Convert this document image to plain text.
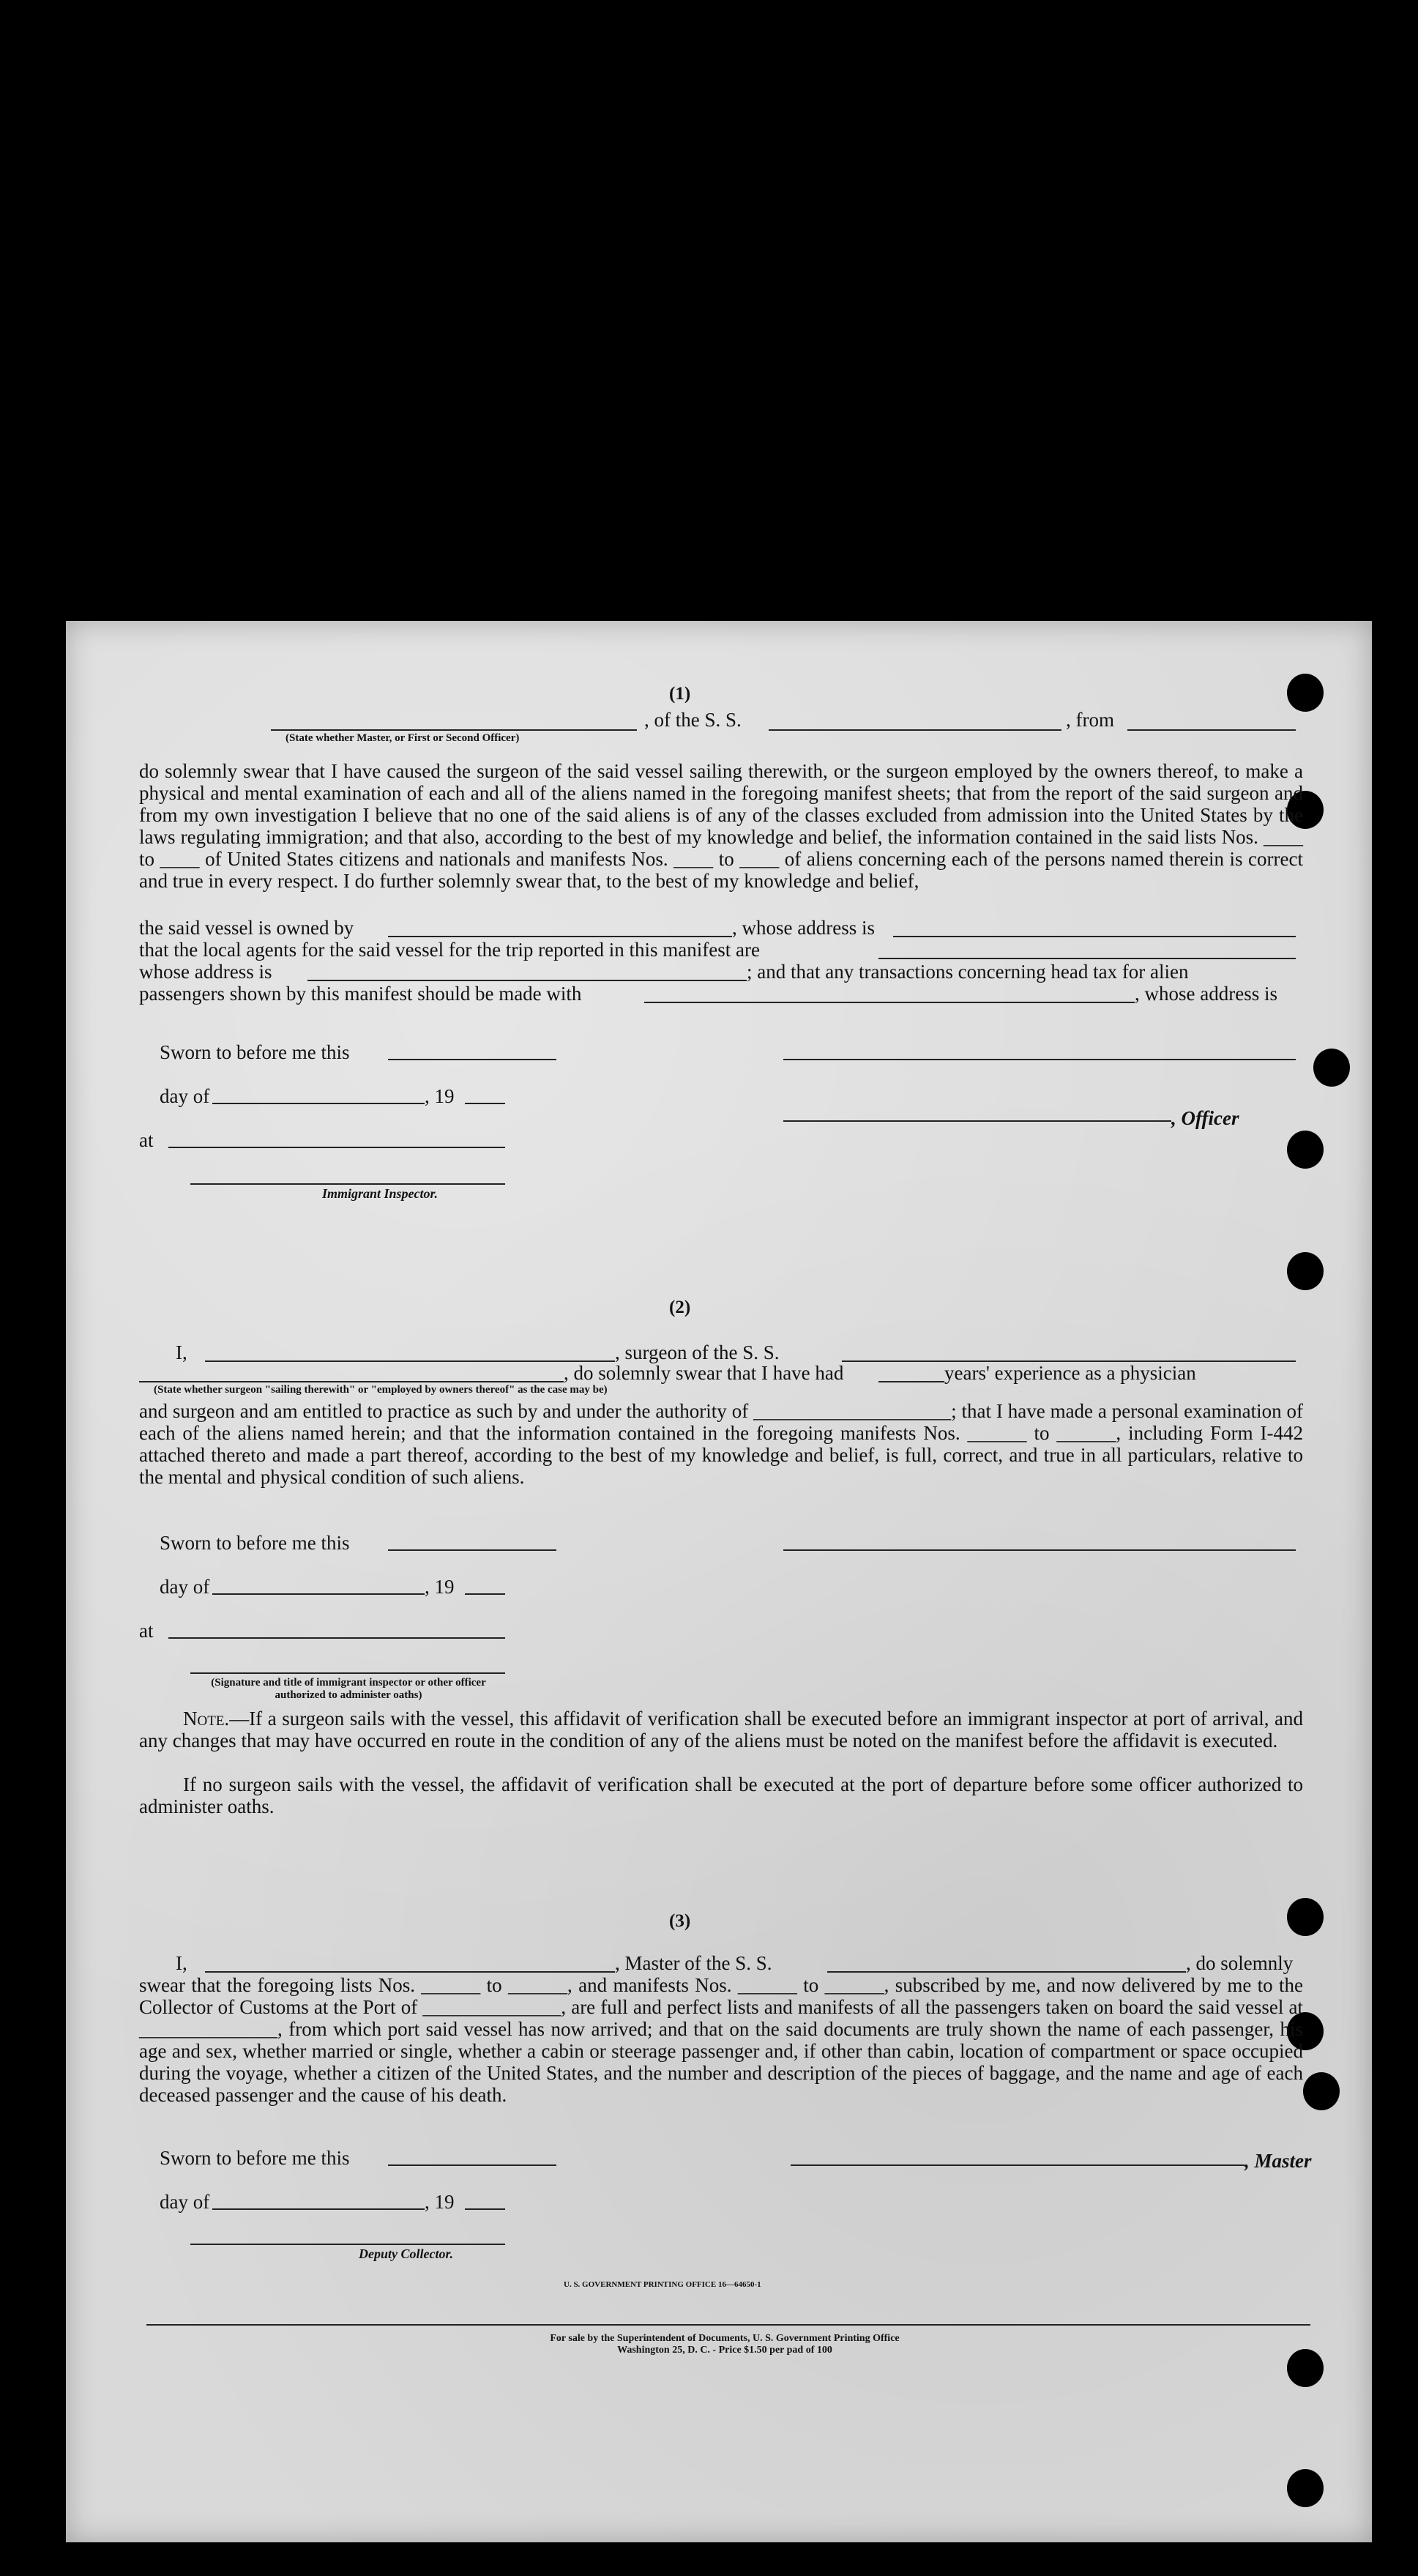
(1)
, of the S. S.	, from
(State whether Master, or First or Second Officer)
do solemnly swear that I have caused the surgeon of the said vessel sailing therewith, or the surgeon employed by the owners thereof, to make a physical and mental examination of each and all of the aliens named in the foregoing manifest sheets; that from the report of the said surgeon and from my own investigation I believe that no one of the said aliens is of any of the classes excluded from admission into the United States by the laws regulating immigration; and that also, according to the best of my knowledge and belief, the information contained in the said lists Nos. ____ to ____ of United States citizens and nationals and manifests Nos. ____ to ____ of aliens concerning each of the persons named therein is correct and true in every respect. I do further solemnly swear that, to the best of my knowledge and belief,
the said vessel is owned by	, whose address is
that the local agents for the said vessel for the trip reported in this manifest are
whose address is	; and that any transactions concerning head tax for alien
passengers shown by this manifest should be made with	, whose address is
Sworn to before me this
day of	, 19
, Officer
at
Immigrant Inspector.
(2)
I,	, surgeon of the S. S.
, do solemnly swear that I have had	years' experience as a physician
(State whether surgeon "sailing therewith" or "employed by owners thereof" as the case may be)
and surgeon and am entitled to practice as such by and under the authority of ____________________; that I have made a personal examination of each of the aliens named herein; and that the information contained in the foregoing manifests Nos. ______ to ______, including Form I-442 attached thereto and made a part thereof, according to the best of my knowledge and belief, is full, correct, and true in all particulars, relative to the mental and physical condition of such aliens.
Sworn to before me this
day of	, 19
at
(Signature and title of immigrant inspector or other officer authorized to administer oaths)
Note.—If a surgeon sails with the vessel, this affidavit of verification shall be executed before an immigrant inspector at port of arrival, and any changes that may have occurred en route in the condition of any of the aliens must be noted on the manifest before the affidavit is executed.
If no surgeon sails with the vessel, the affidavit of verification shall be executed at the port of departure before some officer authorized to administer oaths.
(3)
I,	, Master of the S. S.	, do solemnly
swear that the foregoing lists Nos. ______ to ______, and manifests Nos. ______ to ______, subscribed by me, and now delivered by me to the Collector of Customs at the Port of ______________, are full and perfect lists and manifests of all the passengers taken on board the said vessel at ______________, from which port said vessel has now arrived; and that on the said documents are truly shown the name of each passenger, his age and sex, whether married or single, whether a cabin or steerage passenger and, if other than cabin, location of compartment or space occupied during the voyage, whether a citizen of the United States, and the number and description of the pieces of baggage, and the name and age of each deceased passenger and the cause of his death.
Sworn to before me this	, Master
day of	, 19
Deputy Collector.
U. S. GOVERNMENT PRINTING OFFICE 16—64650-1
For sale by the Superintendent of Documents, U. S. Government Printing Office
Washington 25, D. C. - Price $1.50 per pad of 100
